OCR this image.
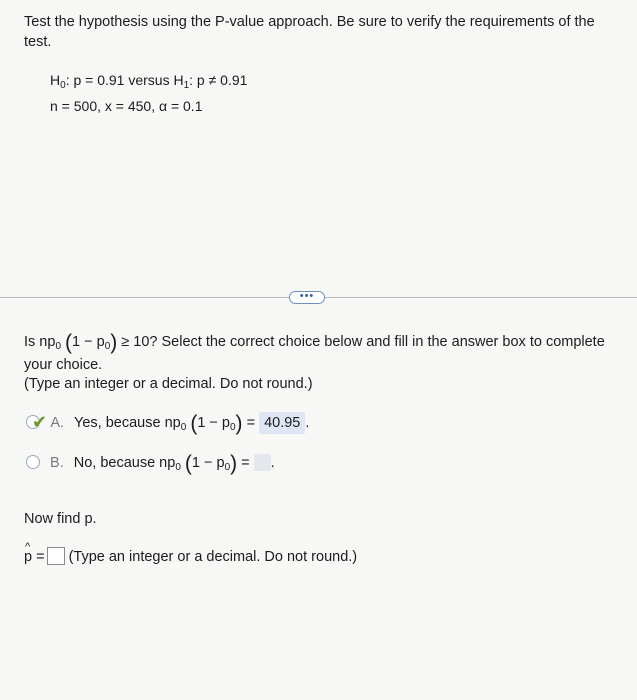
Test the hypothesis using the P-value approach. Be sure to verify the requirements of the test.
$H_0$: p = 0.91 versus $H_1$: p ≠ 0.91
n = 500, x = 450, α = 0.1
•••
Is $np_0$ $(1 - p_0) \ge 10$? Select the correct choice below and fill in the answer box to complete your choice.
(Type an integer or a decimal. Do not round.)
✔ A. Yes, because $np_0$ $(1 - p_0) = 40.95$ .
B. No, because $np_0$ $(1 - p_0)$ = .
Now find p.
^ p = (Type an integer or a decimal. Do not round.)
